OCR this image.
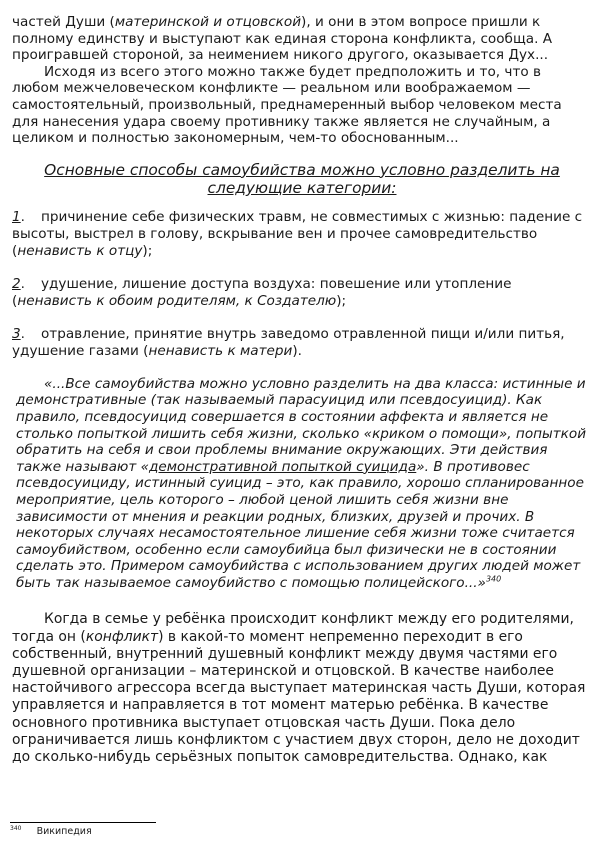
частей Души (материнской и отцовской), и они в этом вопросе пришли к полному единству и выступают как единая сторона конфликта, сообща. А проигравшей стороной, за неимением никого другого, оказывается Дух...

Исходя из всего этого можно также будет предположить и то, что в любом межчеловеческом конфликте — реальном или воображаемом — самостоятельный, произвольный, преднамеренный выбор человеком места для нанесения удара своему противнику также является не случайным, а целиком и полностью закономерным, чем-то обоснованным...

Основные способы самоубийства можно условно разделить на следующие категории:

1. причинение себе физических травм, не совместимых с жизнью: падение с высоты, выстрел в голову, вскрывание вен и прочее самовредительство (ненависть к отцу);

2. удушение, лишение доступа воздуха: повешение или утопление (ненависть к обоим родителям, к Создателю);

3. отравление, принятие внутрь заведомо отравленной пищи и/или питья, удушение газами (ненависть к матери).

«...Все самоубийства можно условно разделить на два класса: истинные и демонстративные (так называемый парасуицид или псевдосуицид). Как правило, псевдосуицид совершается в состоянии аффекта и является не столько попыткой лишить себя жизни, сколько «криком о помощи», попыткой обратить на себя и свои проблемы внимание окружающих. Эти действия также называют «демонстративной попыткой суицида». В противовес псевдосуициду, истинный суицид – это, как правило, хорошо спланированное мероприятие, цель которого – любой ценой лишить себя жизни вне зависимости от мнения и реакции родных, близких, друзей и прочих. В некоторых случаях несамостоятельное лишение себя жизни тоже считается самоубийством, особенно если самоубийца был физически не в состоянии сделать это. Примером самоубийства с использованием других людей может быть так называемое самоубийство с помощью полицейского...»$^{340}$

Когда в семье у ребёнка происходит конфликт между его родителями, тогда он (конфликт) в какой-то момент непременно переходит в его собственный, внутренний душевный конфликт между двумя частями его душевной организации – материнской и отцовской. В качестве наиболее настойчивого агрессора всегда выступает материнская часть Души, которая управляется и направляется в тот момент матерью ребёнка. В качестве основного противника выступает отцовская часть Души. Пока дело ограничивается лишь конфликтом с участием двух сторон, дело не доходит до сколько-нибудь серьёзных попыток самовредительства. Однако, как

$^{340}$ Википедия
